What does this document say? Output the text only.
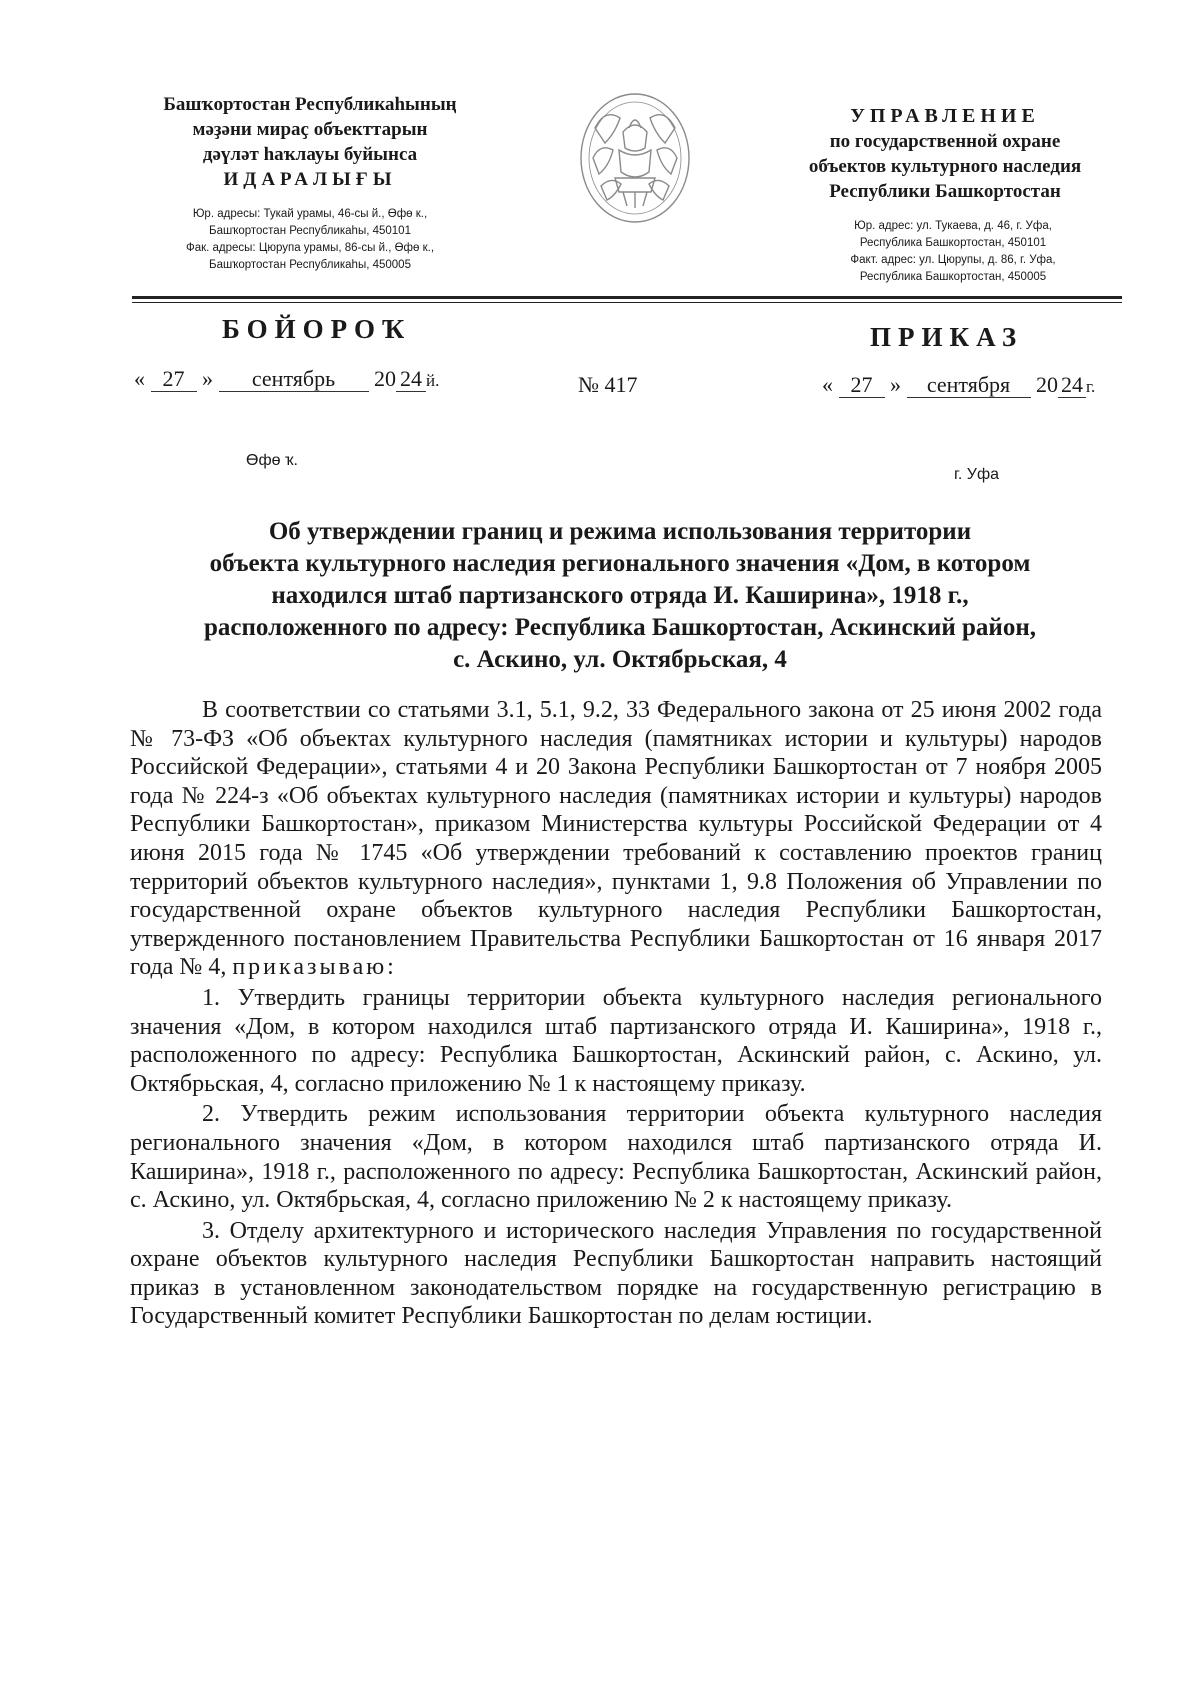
Башҡортостан Республикаһының
мәҙәни мираҫ объекттарын
дәүләт һаҡлауы буйынса
ИДАРАЛЫҒЫ
Юр. адресы: Тукай урамы, 46-сы й., Өфө к.,
Башҡортостан Республикаһы, 450101
Фак. адресы: Цюрупа урамы, 86-сы й., Өфө к.,
Башҡортостан Республикаһы, 450005
УПРАВЛЕНИЕ
по государственной охране
объектов культурного наследия
Республики Башкортостан
Юр. адрес: ул. Тукаева, д. 46, г. Уфа,
Республика Башкортостан, 450101
Факт. адрес: ул. Цюрупы, д. 86, г. Уфа,
Республика Башкортостан, 450005
БОЙОРОҠ	ПРИКАЗ
« 27 » сентябрь 20 24 й.	№ 417	« 27 » сентября 20 24 г.
Өфө ҡ.
г. Уфа
Об утверждении границ и режима использования территории
объекта культурного наследия регионального значения «Дом, в котором
находился штаб партизанского отряда И. Каширина», 1918 г.,
расположенного по адресу: Республика Башкортостан, Аскинский район,
с. Аскино, ул. Октябрьская, 4

В соответствии со статьями 3.1, 5.1, 9.2, 33 Федерального закона от 25 июня 2002 года № 73-ФЗ «Об объектах культурного наследия (памятниках истории и культуры) народов Российской Федерации», статьями 4 и 20 Закона Республики Башкортостан от 7 ноября 2005 года № 224-з «Об объектах культурного наследия (памятниках истории и культуры) народов Республики Башкортостан», приказом Министерства культуры Российской Федерации от 4 июня 2015 года № 1745 «Об утверждении требований к составлению проектов границ территорий объектов культурного наследия», пунктами 1, 9.8 Положения об Управлении по государственной охране объектов культурного наследия Республики Башкортостан, утвержденного постановлением Правительства Республики Башкортостан от 16 января 2017 года № 4, приказываю:

1. Утвердить границы территории объекта культурного наследия регионального значения «Дом, в котором находился штаб партизанского отряда И. Каширина», 1918 г., расположенного по адресу: Республика Башкортостан, Аскинский район, с. Аскино, ул. Октябрьская, 4, согласно приложению № 1 к настоящему приказу.

2. Утвердить режим использования территории объекта культурного наследия регионального значения «Дом, в котором находился штаб партизанского отряда И. Каширина», 1918 г., расположенного по адресу: Республика Башкортостан, Аскинский район, с. Аскино, ул. Октябрьская, 4, согласно приложению № 2 к настоящему приказу.

3. Отделу архитектурного и исторического наследия Управления по государственной охране объектов культурного наследия Республики Башкортостан направить настоящий приказ в установленном законодательством порядке на государственную регистрацию в Государственный комитет Республики Башкортостан по делам юстиции.
